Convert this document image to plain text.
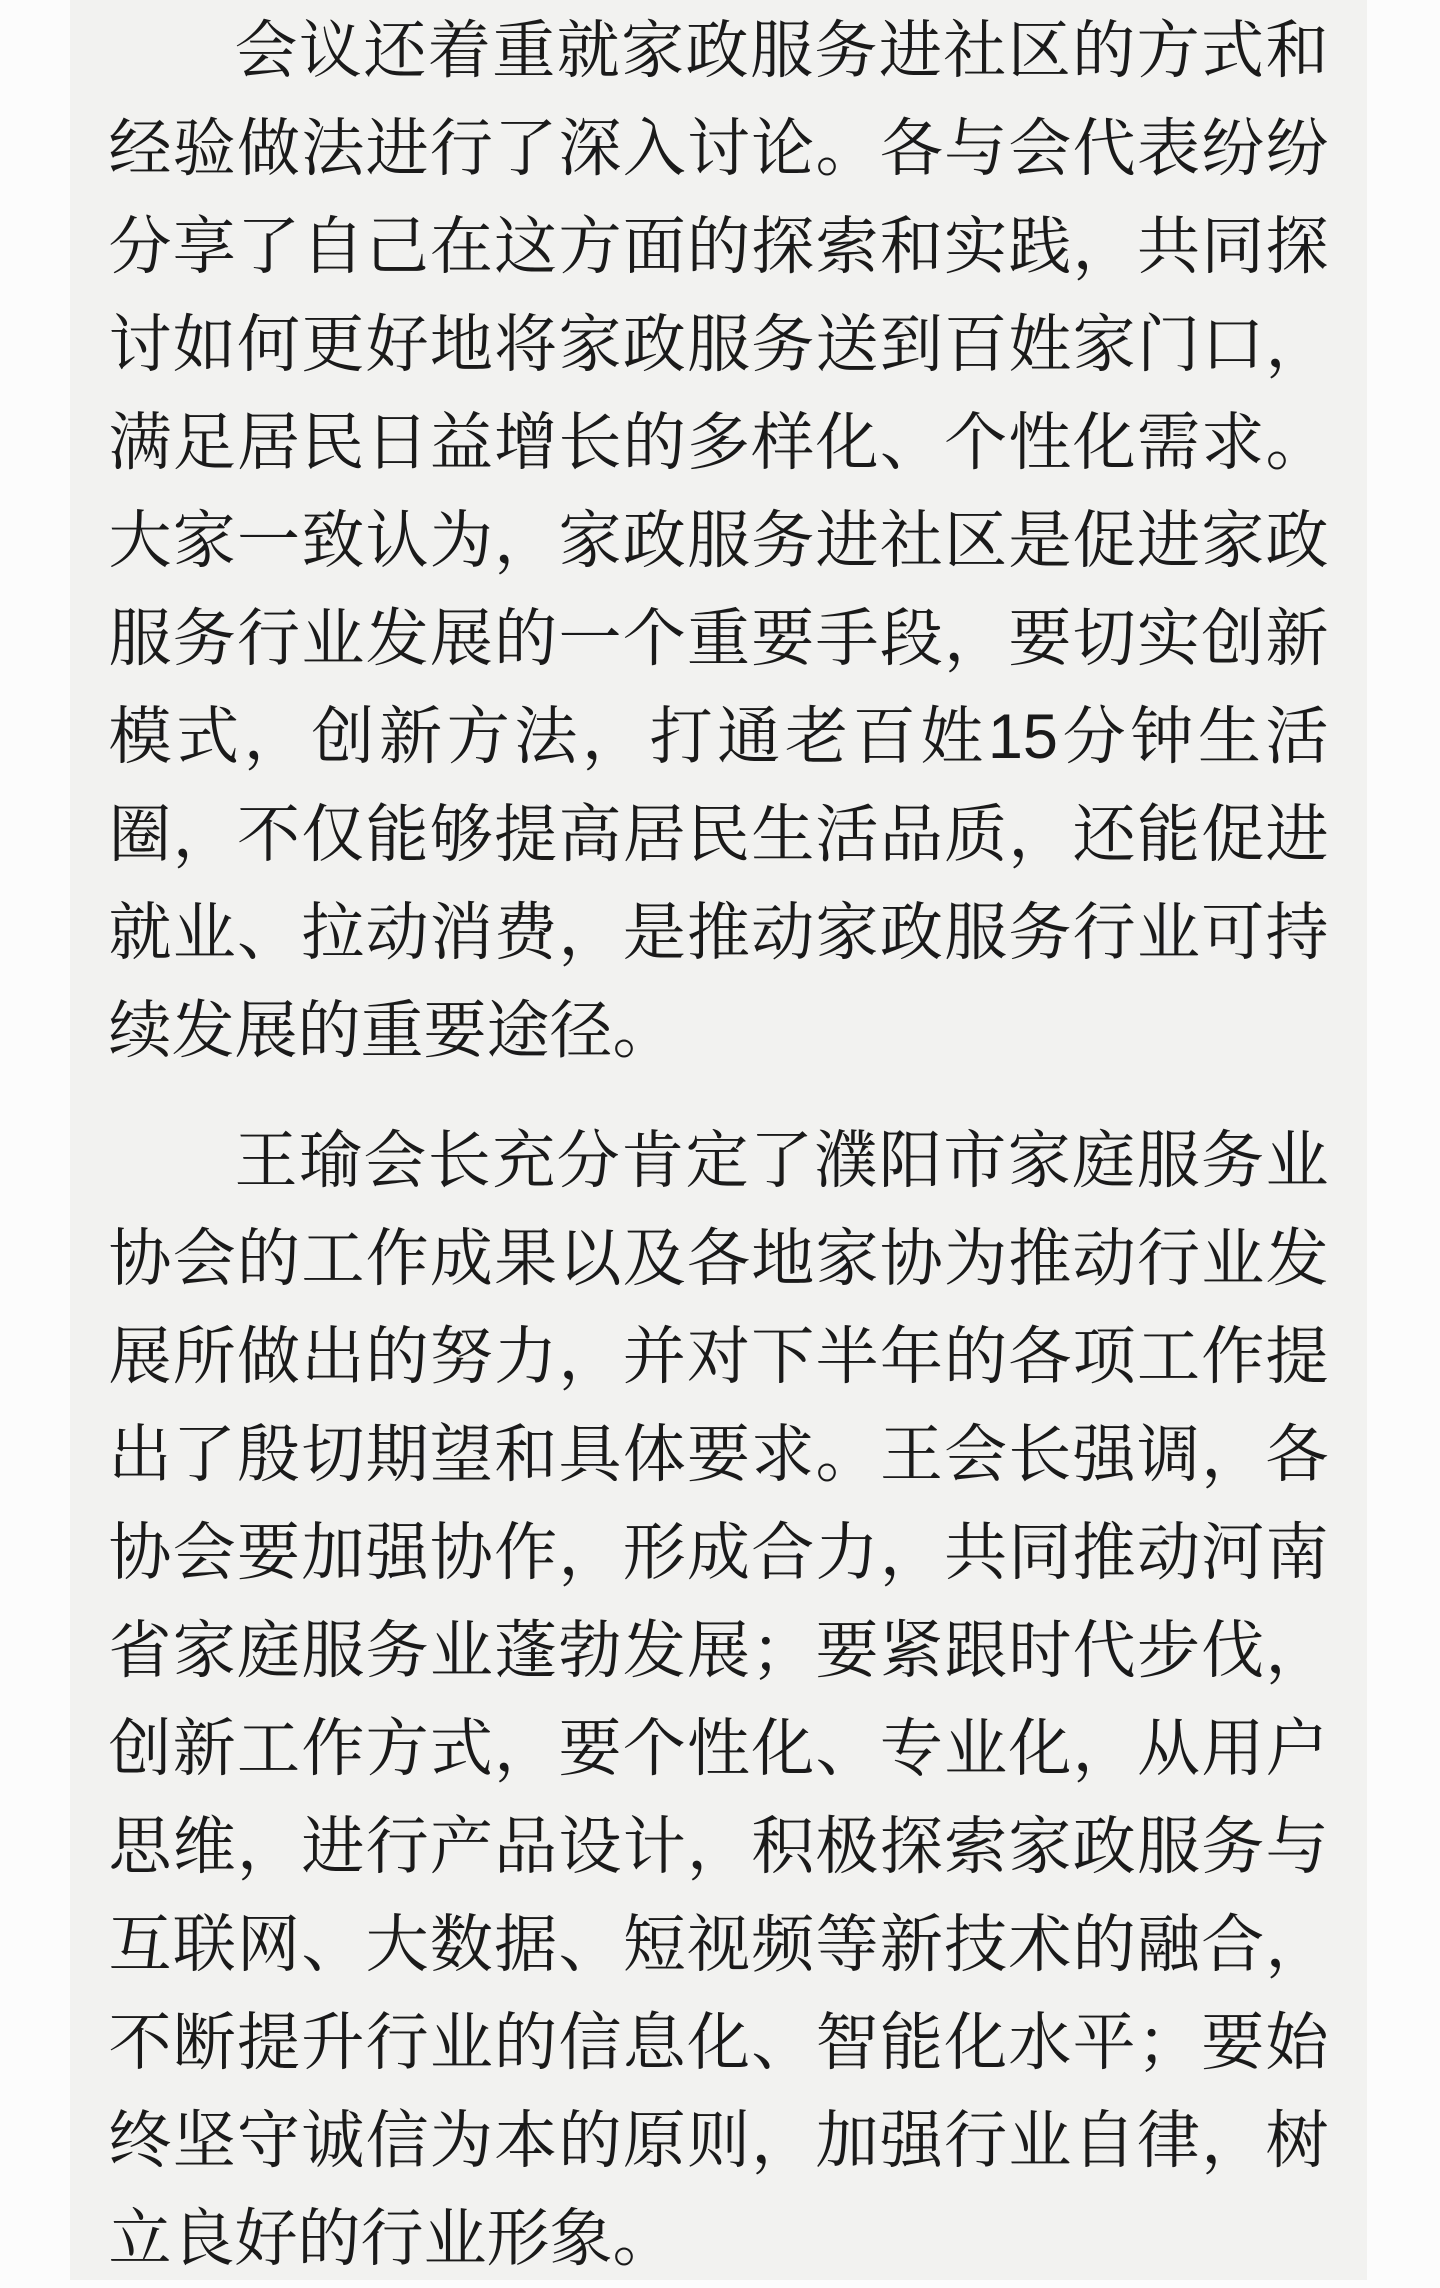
会议还着重就家政服务进社区的方式和
经验做法进行了深入讨论。各与会代表纷纷
分享了自己在这方面的探索和实践，共同探
讨如何更好地将家政服务送到百姓家门口，
满足居民日益增长的多样化、个性化需求。
大家一致认为，家政服务进社区是促进家政
服务行业发展的一个重要手段，要切实创新
模式，创新方法，打通老百姓15分钟生活
圈，不仅能够提高居民生活品质，还能促进
就业、拉动消费，是推动家政服务行业可持
续发展的重要途径。
王瑜会长充分肯定了濮阳市家庭服务业
协会的工作成果以及各地家协为推动行业发
展所做出的努力，并对下半年的各项工作提
出了殷切期望和具体要求。王会长强调，各
协会要加强协作，形成合力，共同推动河南
省家庭服务业蓬勃发展；要紧跟时代步伐，
创新工作方式，要个性化、专业化，从用户
思维，进行产品设计，积极探索家政服务与
互联网、大数据、短视频等新技术的融合，
不断提升行业的信息化、智能化水平；要始
终坚守诚信为本的原则，加强行业自律，树
立良好的行业形象。
